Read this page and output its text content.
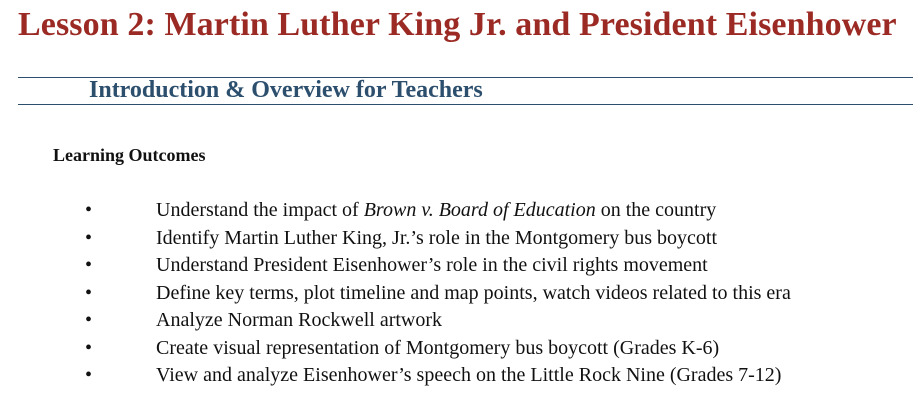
Lesson 2: Martin Luther King Jr. and President Eisenhower
Introduction & Overview for Teachers
Learning Outcomes
•	Understand the impact of Brown v. Board of Education on the country
•	Identify Martin Luther King, Jr.’s role in the Montgomery bus boycott
•	Understand President Eisenhower’s role in the civil rights movement
•	Define key terms, plot timeline and map points, watch videos related to this era
•	Analyze Norman Rockwell artwork
•	Create visual representation of Montgomery bus boycott (Grades K-6)
•	View and analyze Eisenhower’s speech on the Little Rock Nine (Grades 7-12)
